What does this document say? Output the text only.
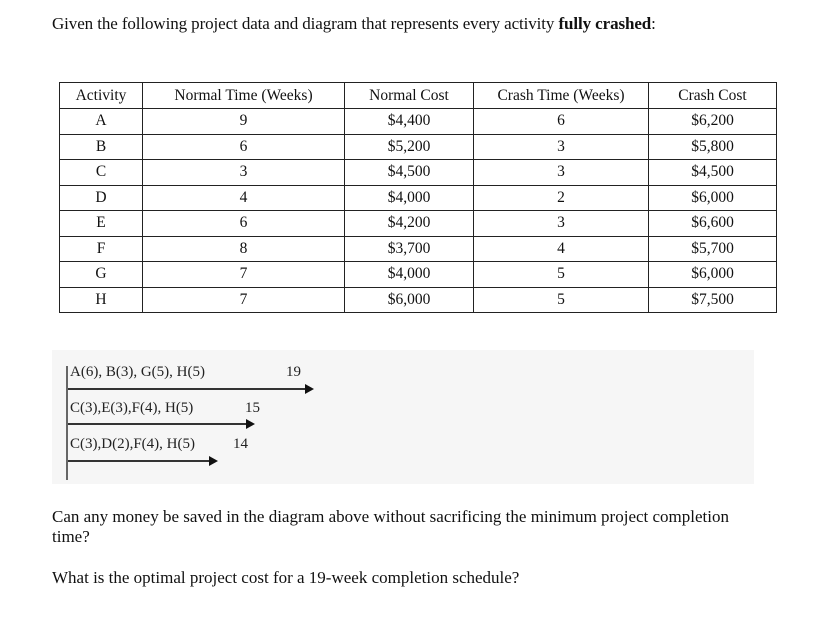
Given the following project data and diagram that represents every activity fully crashed:
Activity	Normal Time (Weeks)	Normal Cost	Crash Time (Weeks)	Crash Cost
A	9	$4,400	6	$6,200
B	6	$5,200	3	$5,800
C	3	$4,500	3	$4,500
D	4	$4,000	2	$6,000
E	6	$4,200	3	$6,600
F	8	$3,700	4	$5,700
G	7	$4,000	5	$6,000
H	7	$6,000	5	$7,500
A(6), B(3), G(5), H(5)	19
C(3),E(3),F(4), H(5)	15
C(3),D(2),F(4), H(5)	14
Can any money be saved in the diagram above without sacrificing the minimum project completion time?
What is the optimal project cost for a 19-week completion schedule?
